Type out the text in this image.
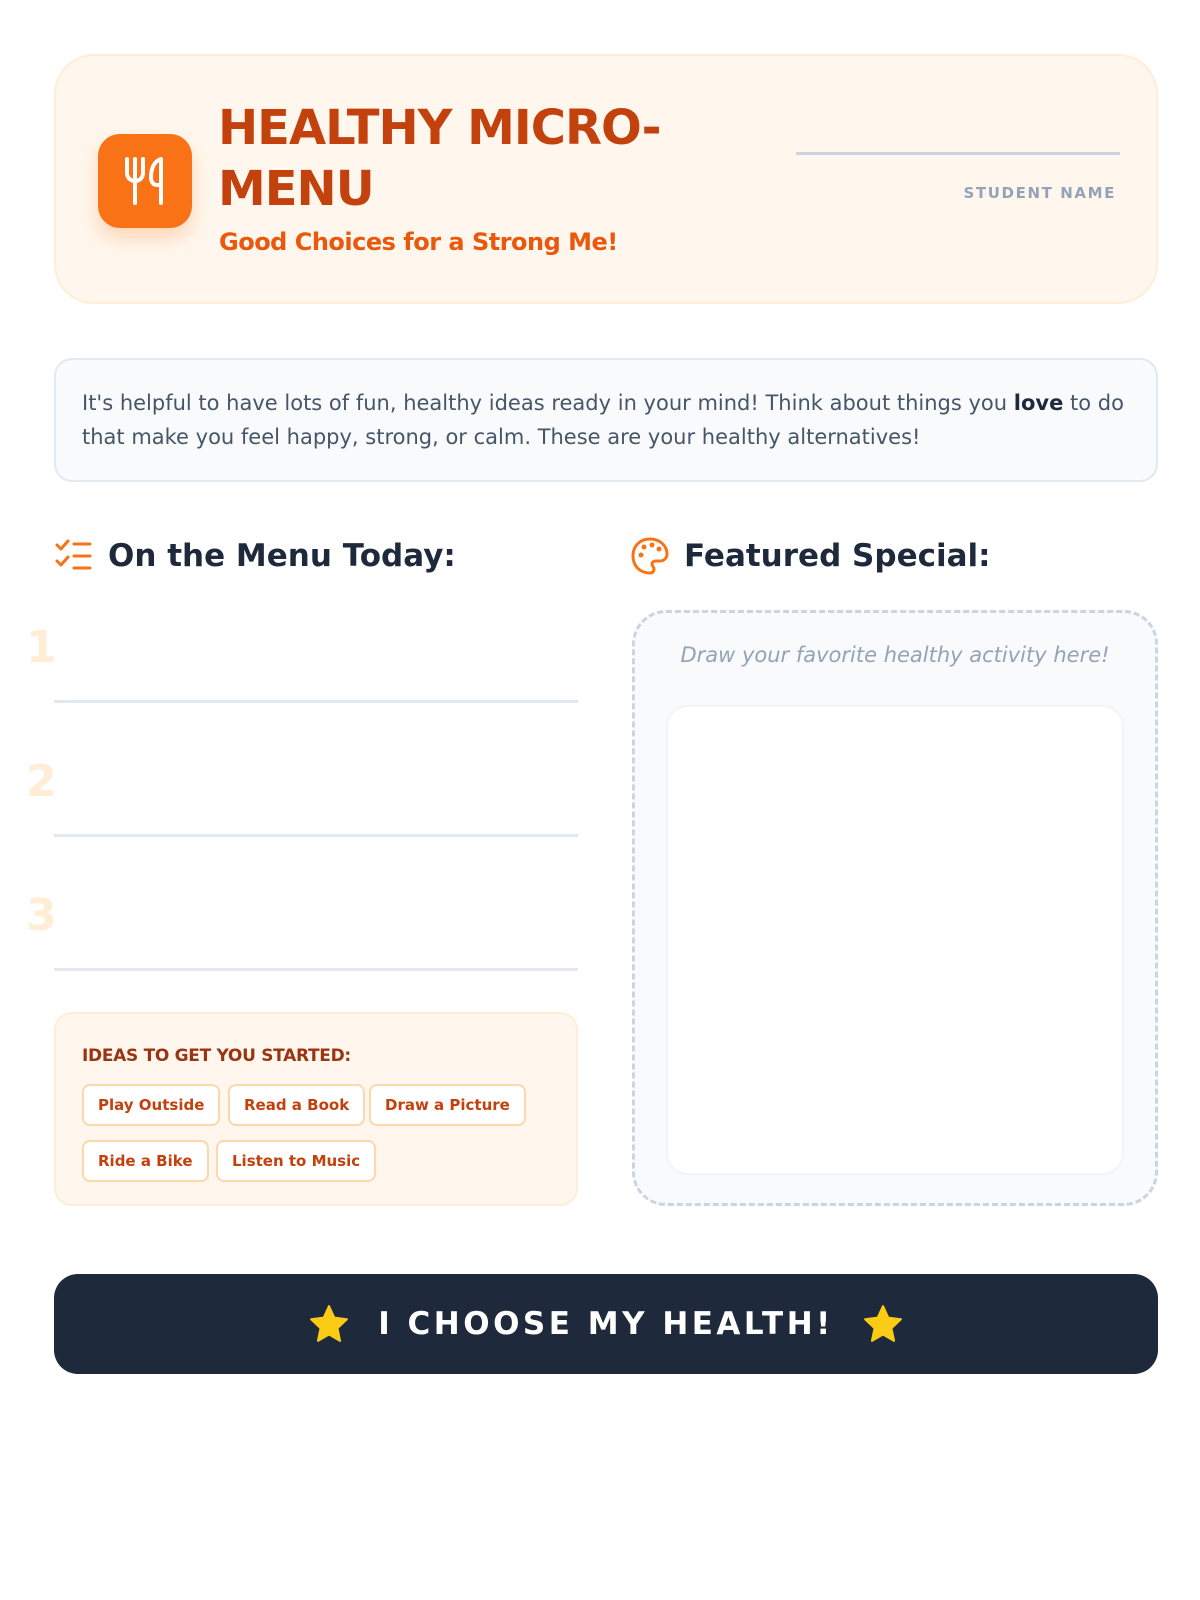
HEALTHY MICRO-MENU
Good Choices for a Strong Me!
STUDENT NAME
It's helpful to have lots of fun, healthy ideas ready in your mind! Think about things you love to do that make you feel happy, strong, or calm. These are your healthy alternatives!
On the Menu Today:
1
2
3
IDEAS TO GET YOU STARTED:
Play Outside	Read a Book	Draw a Picture
Ride a Bike	Listen to Music
Featured Special:
Draw your favorite healthy activity here!
I CHOOSE MY HEALTH!
